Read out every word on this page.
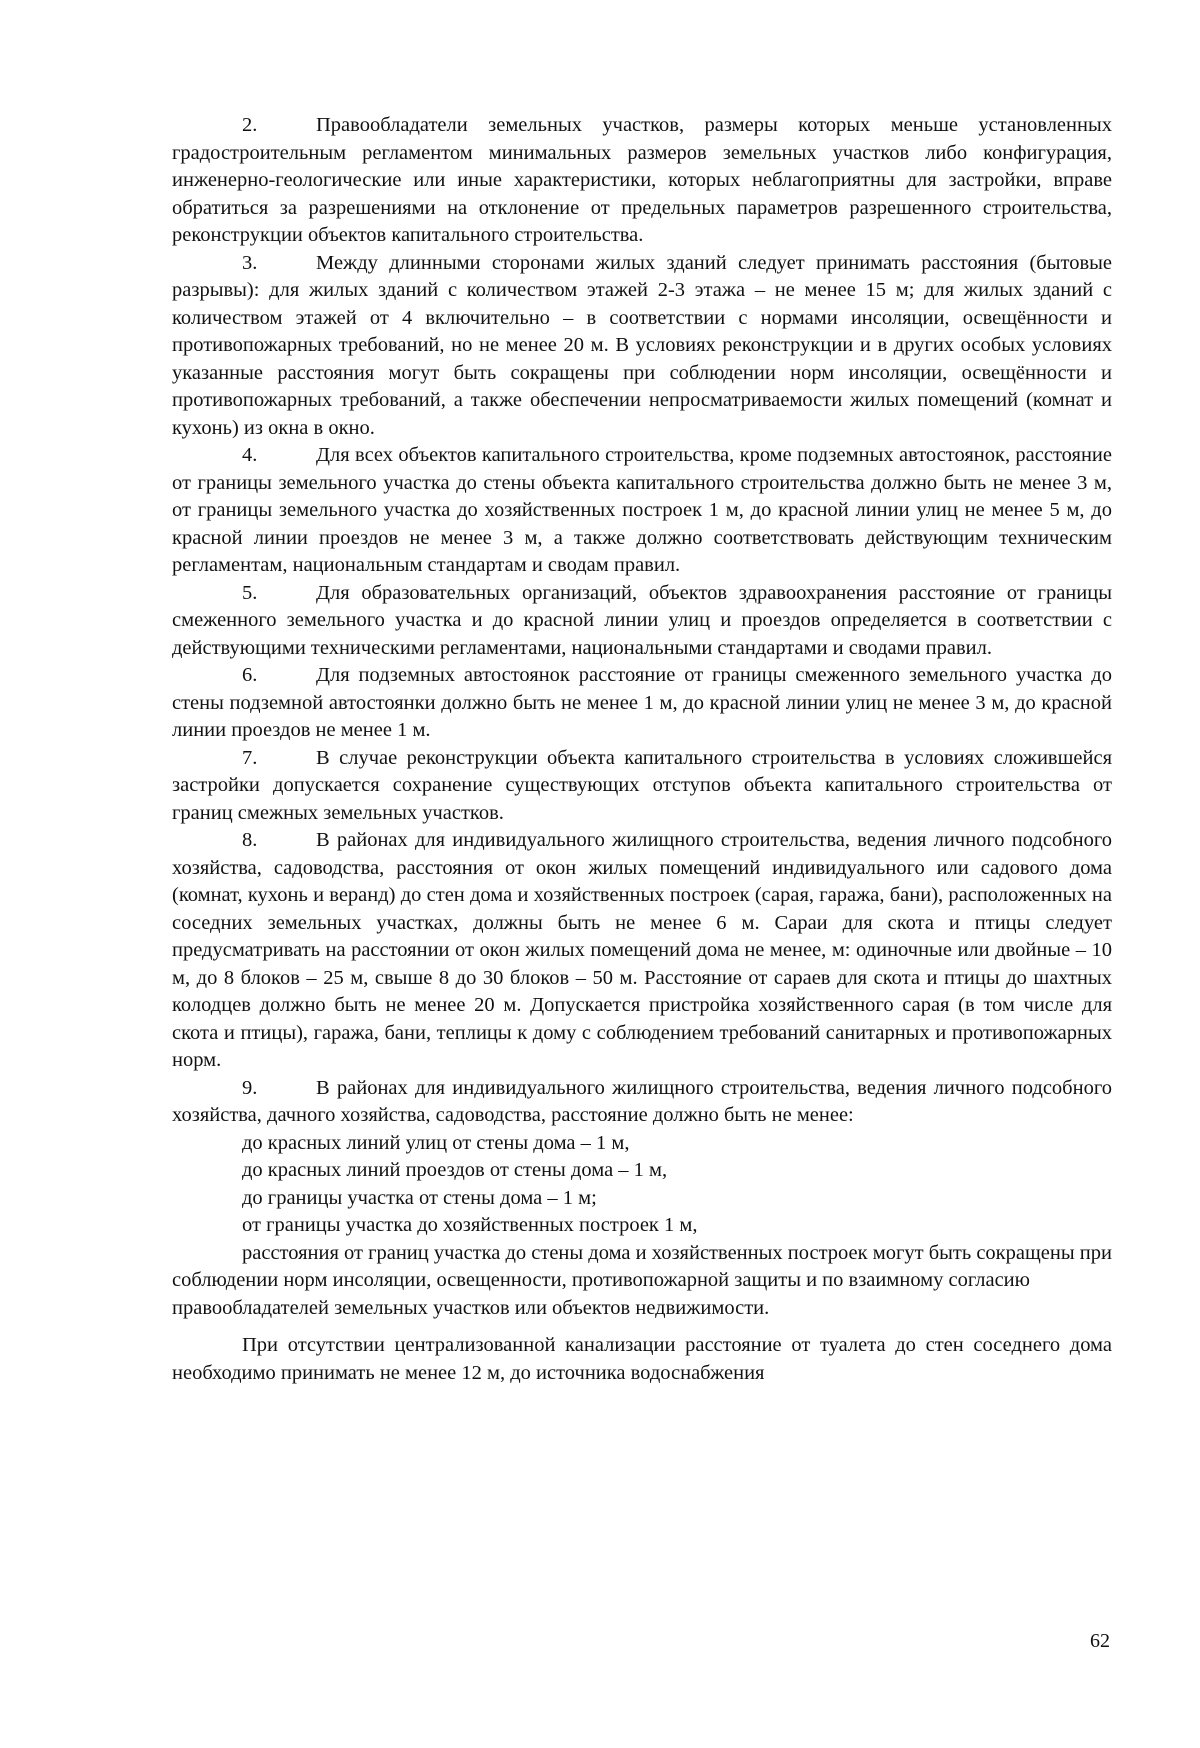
2.	Правообладатели земельных участков, размеры которых меньше установленных градостроительным регламентом минимальных размеров земельных участков либо конфигурация, инженерно-геологические или иные характеристики, которых неблагоприятны для застройки, вправе обратиться за разрешениями на отклонение от предельных параметров разрешенного строительства, реконструкции объектов капитального строительства.

3.	Между длинными сторонами жилых зданий следует принимать расстояния (бытовые разрывы): для жилых зданий с количеством этажей 2-3 этажа – не менее 15 м; для жилых зданий с количеством этажей от 4 включительно – в соответствии с нормами инсоляции, освещённости и противопожарных требований, но не менее 20 м. В условиях реконструкции и в других особых условиях указанные расстояния могут быть сокращены при соблюдении норм инсоляции, освещённости и противопожарных требований, а также обеспечении непросматриваемости жилых помещений (комнат и кухонь) из окна в окно.

4.	Для всех объектов капитального строительства, кроме подземных автостоянок, расстояние от границы земельного участка до стены объекта капитального строительства должно быть не менее 3 м, от границы земельного участка до хозяйственных построек 1 м, до красной линии улиц не менее 5 м, до красной линии проездов не менее 3 м, а также должно соответствовать действующим техническим регламентам, национальным стандартам и сводам правил.

5.	Для образовательных организаций, объектов здравоохранения расстояние от границы смеженного земельного участка и до красной линии улиц и проездов определяется в соответствии с действующими техническими регламентами, национальными стандартами и сводами правил.

6.	Для подземных автостоянок расстояние от границы смеженного земельного участка до стены подземной автостоянки должно быть не менее 1 м, до красной линии улиц не менее 3 м, до красной линии проездов не менее 1 м.

7.	В случае реконструкции объекта капитального строительства в условиях сложившейся застройки допускается сохранение существующих отступов объекта капитального строительства от границ смежных земельных участков.

8.	В районах для индивидуального жилищного строительства, ведения личного подсобного хозяйства, садоводства, расстояния от окон жилых помещений индивидуального или садового дома (комнат, кухонь и веранд) до стен дома и хозяйственных построек (сарая, гаража, бани), расположенных на соседних земельных участках, должны быть не менее 6 м. Сараи для скота и птицы следует предусматривать на расстоянии от окон жилых помещений дома не менее, м: одиночные или двойные – 10 м, до 8 блоков – 25 м, свыше 8 до 30 блоков – 50 м. Расстояние от сараев для скота и птицы до шахтных колодцев должно быть не менее 20 м. Допускается пристройка хозяйственного сарая (в том числе для скота и птицы), гаража, бани, теплицы к дому с соблюдением требований санитарных и противопожарных норм.

9.	В районах для индивидуального жилищного строительства, ведения личного подсобного хозяйства, дачного хозяйства, садоводства, расстояние должно быть не менее:

до красных линий улиц от стены дома – 1 м,

до красных линий проездов от стены дома – 1 м,

до границы участка от стены дома – 1 м;

от границы участка до хозяйственных построек 1 м,

расстояния от границ участка до стены дома и хозяйственных построек могут быть сокращены при соблюдении норм инсоляции, освещенности, противопожарной защиты и по взаимному согласию правообладателей земельных участков или объектов недвижимости.

При отсутствии централизованной канализации расстояние от туалета до стен соседнего дома необходимо принимать не менее 12 м, до источника водоснабжения

62
